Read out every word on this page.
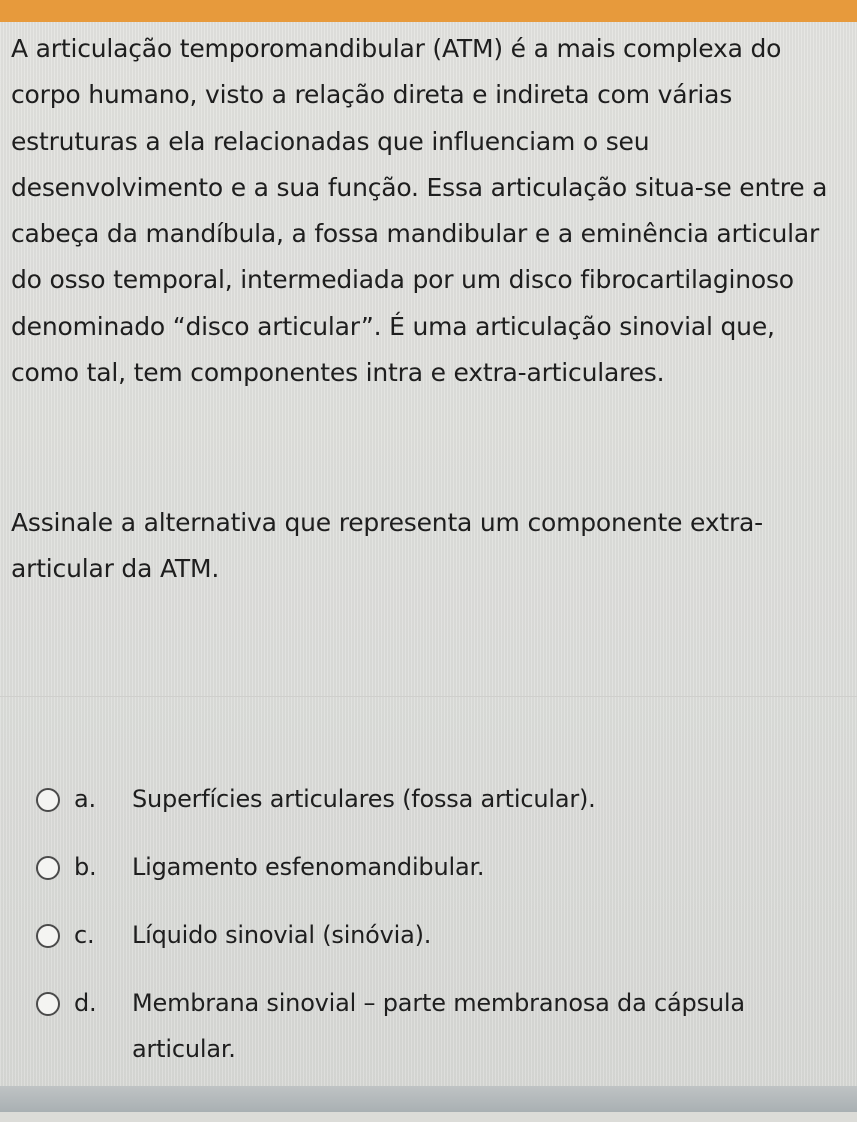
A articulação temporomandibular (ATM) é a mais complexa do corpo humano, visto a relação direta e indireta com várias estruturas a ela relacionadas que influenciam o seu desenvolvimento e a sua função. Essa articulação situa-se entre a cabeça da mandíbula, a fossa mandibular e a eminência articular do osso temporal, intermediada por um disco fibrocartilaginoso denominado “disco articular”. É uma articulação sinovial que, como tal, tem componentes intra e extra-articulares.

Assinale a alternativa que representa um componente extra-articular da ATM.

a.	Superfícies articulares (fossa articular).
b.	Ligamento esfenomandibular.
c.	Líquido sinovial (sinóvia).
d.	Membrana sinovial – parte membranosa da cápsula articular.
